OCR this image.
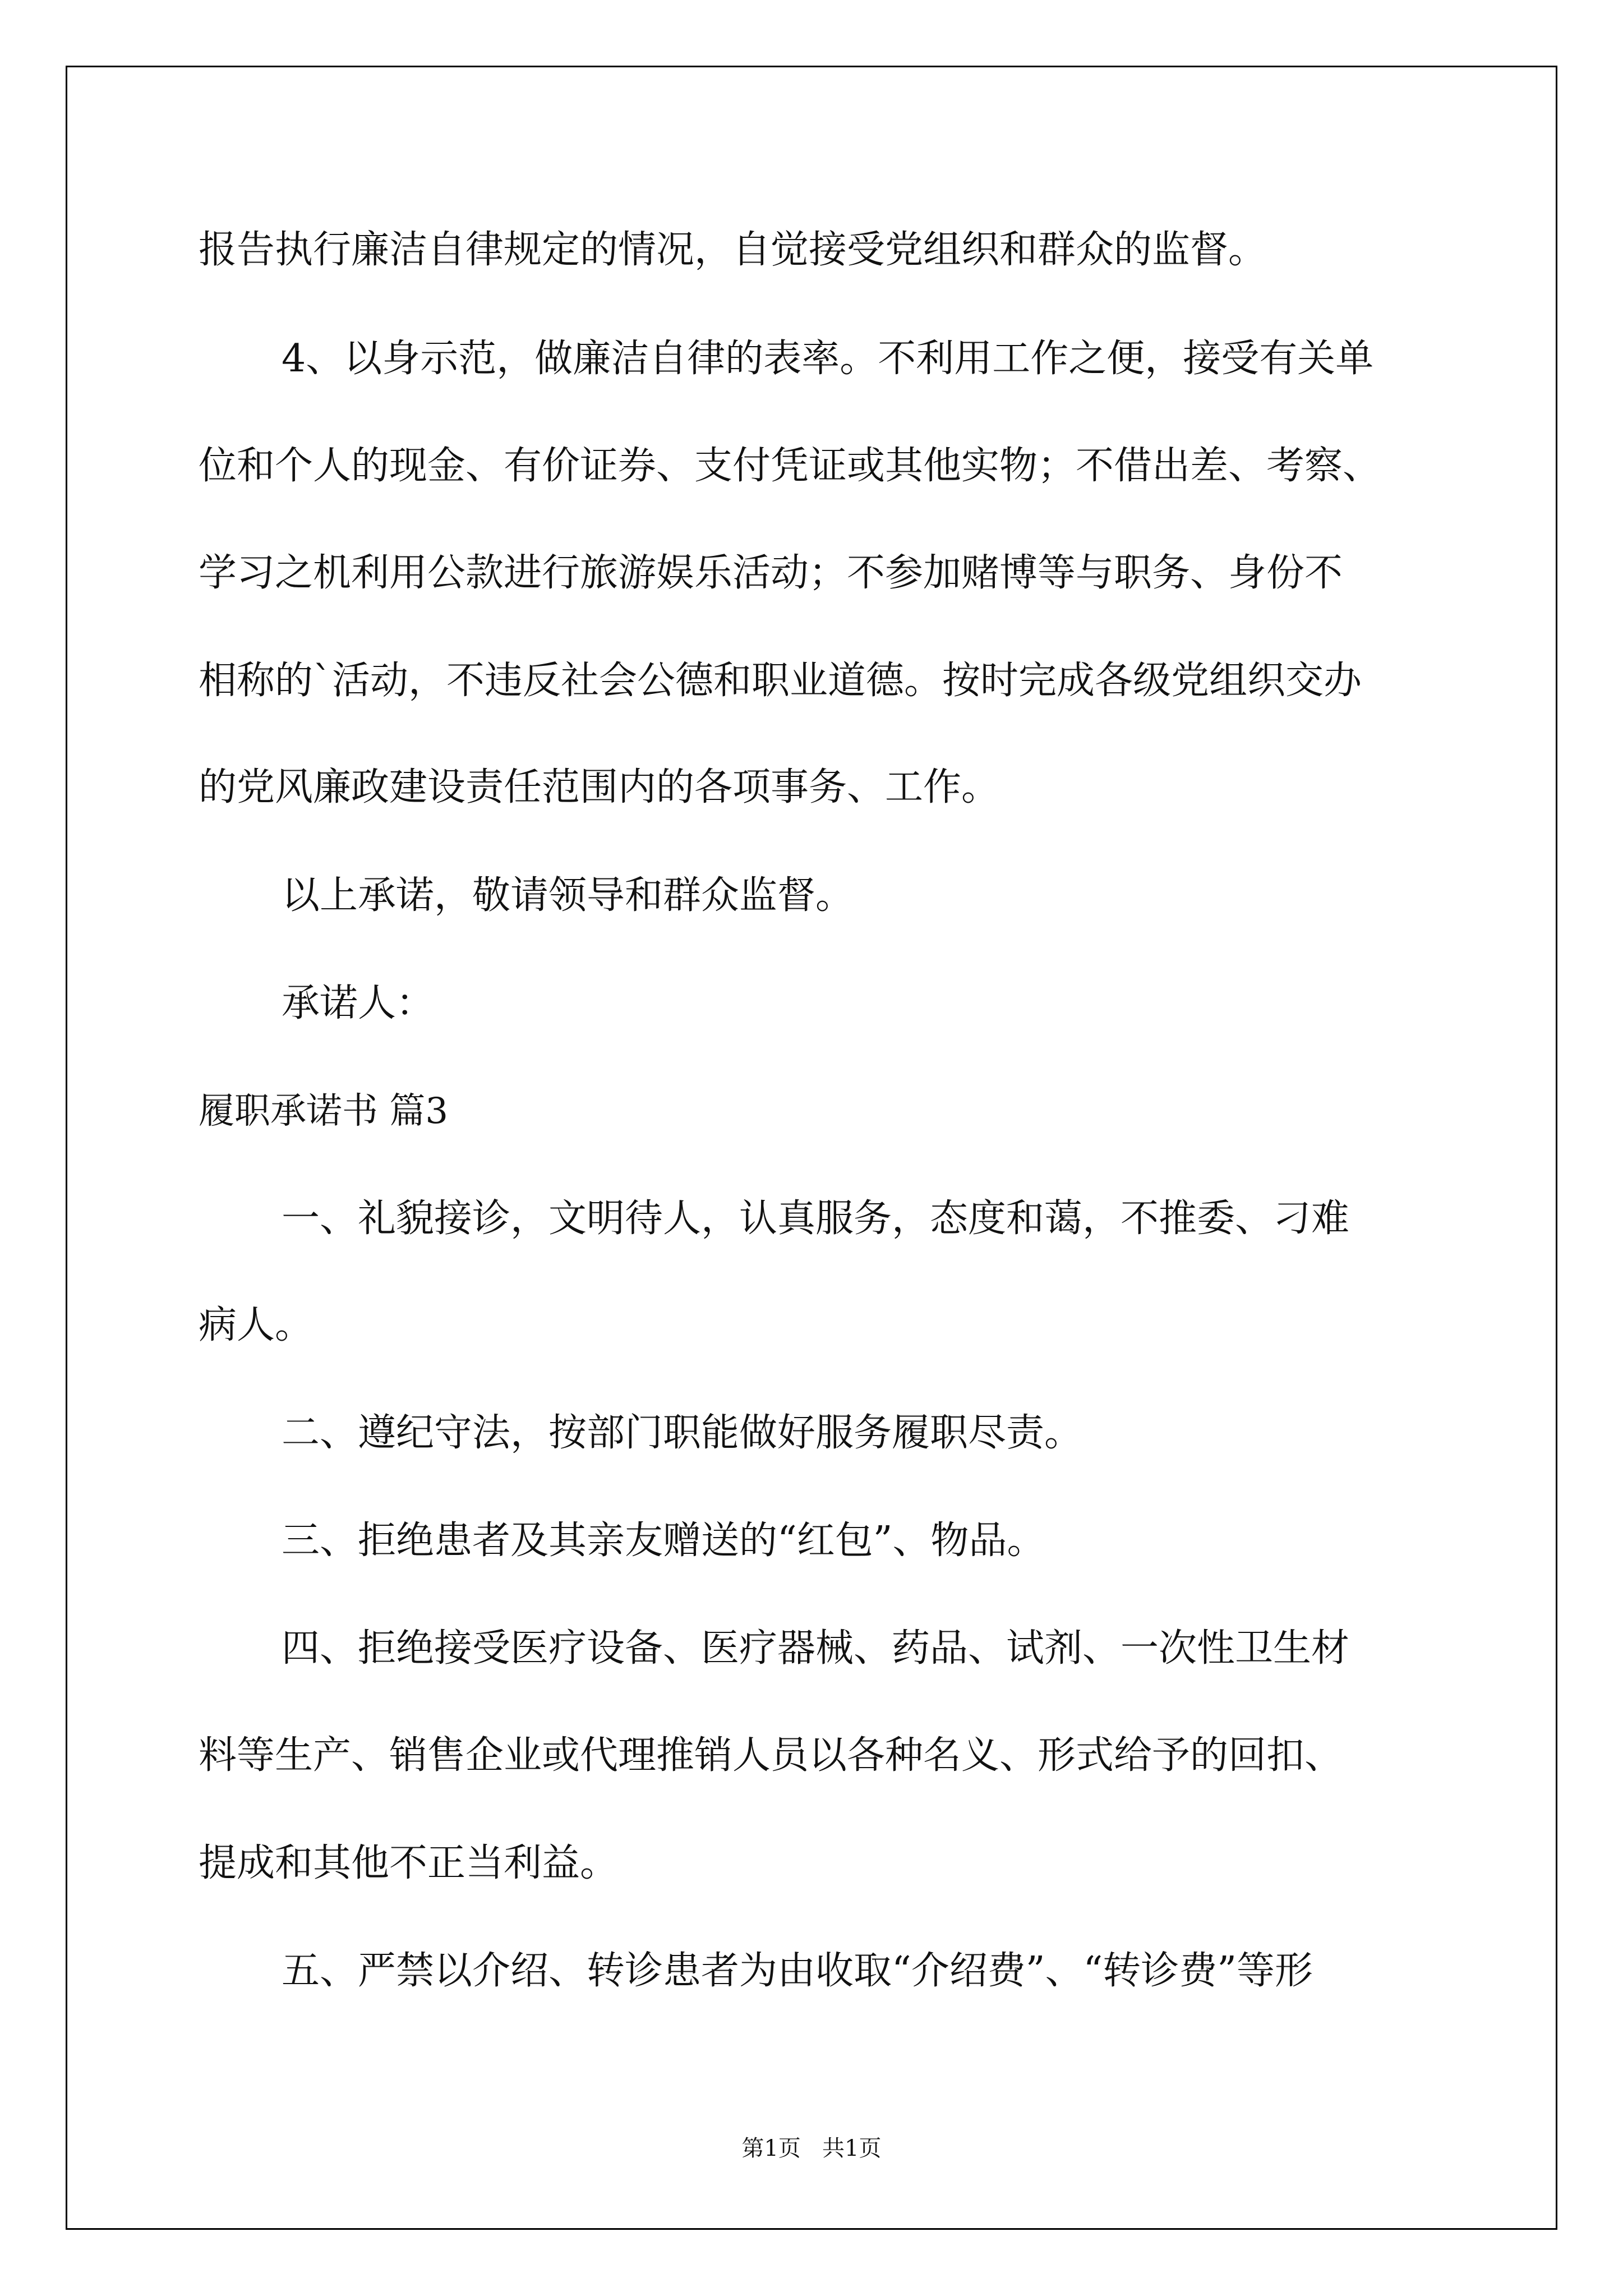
报告执行廉洁自律规定的情况，自觉接受党组织和群众的监督。
4、以身示范，做廉洁自律的表率。不利用工作之便，接受有关单
位和个人的现金、有价证券、支付凭证或其他实物；不借出差、考察、
学习之机利用公款进行旅游娱乐活动；不参加赌博等与职务、身份不
相称的`活动，不违反社会公德和职业道德。按时完成各级党组织交办
的党风廉政建设责任范围内的各项事务、工作。
以上承诺，敬请领导和群众监督。
承诺人：
履职承诺书 篇3
一、礼貌接诊，文明待人，认真服务，态度和蔼，不推委、刁难
病人。
二、遵纪守法，按部门职能做好服务履职尽责。
三、拒绝患者及其亲友赠送的“红包”、物品。
四、拒绝接受医疗设备、医疗器械、药品、试剂、一次性卫生材
料等生产、销售企业或代理推销人员以各种名义、形式给予的回扣、
提成和其他不正当利益。
五、严禁以介绍、转诊患者为由收取“介绍费”、“转诊费”等形
第1页   共1页
